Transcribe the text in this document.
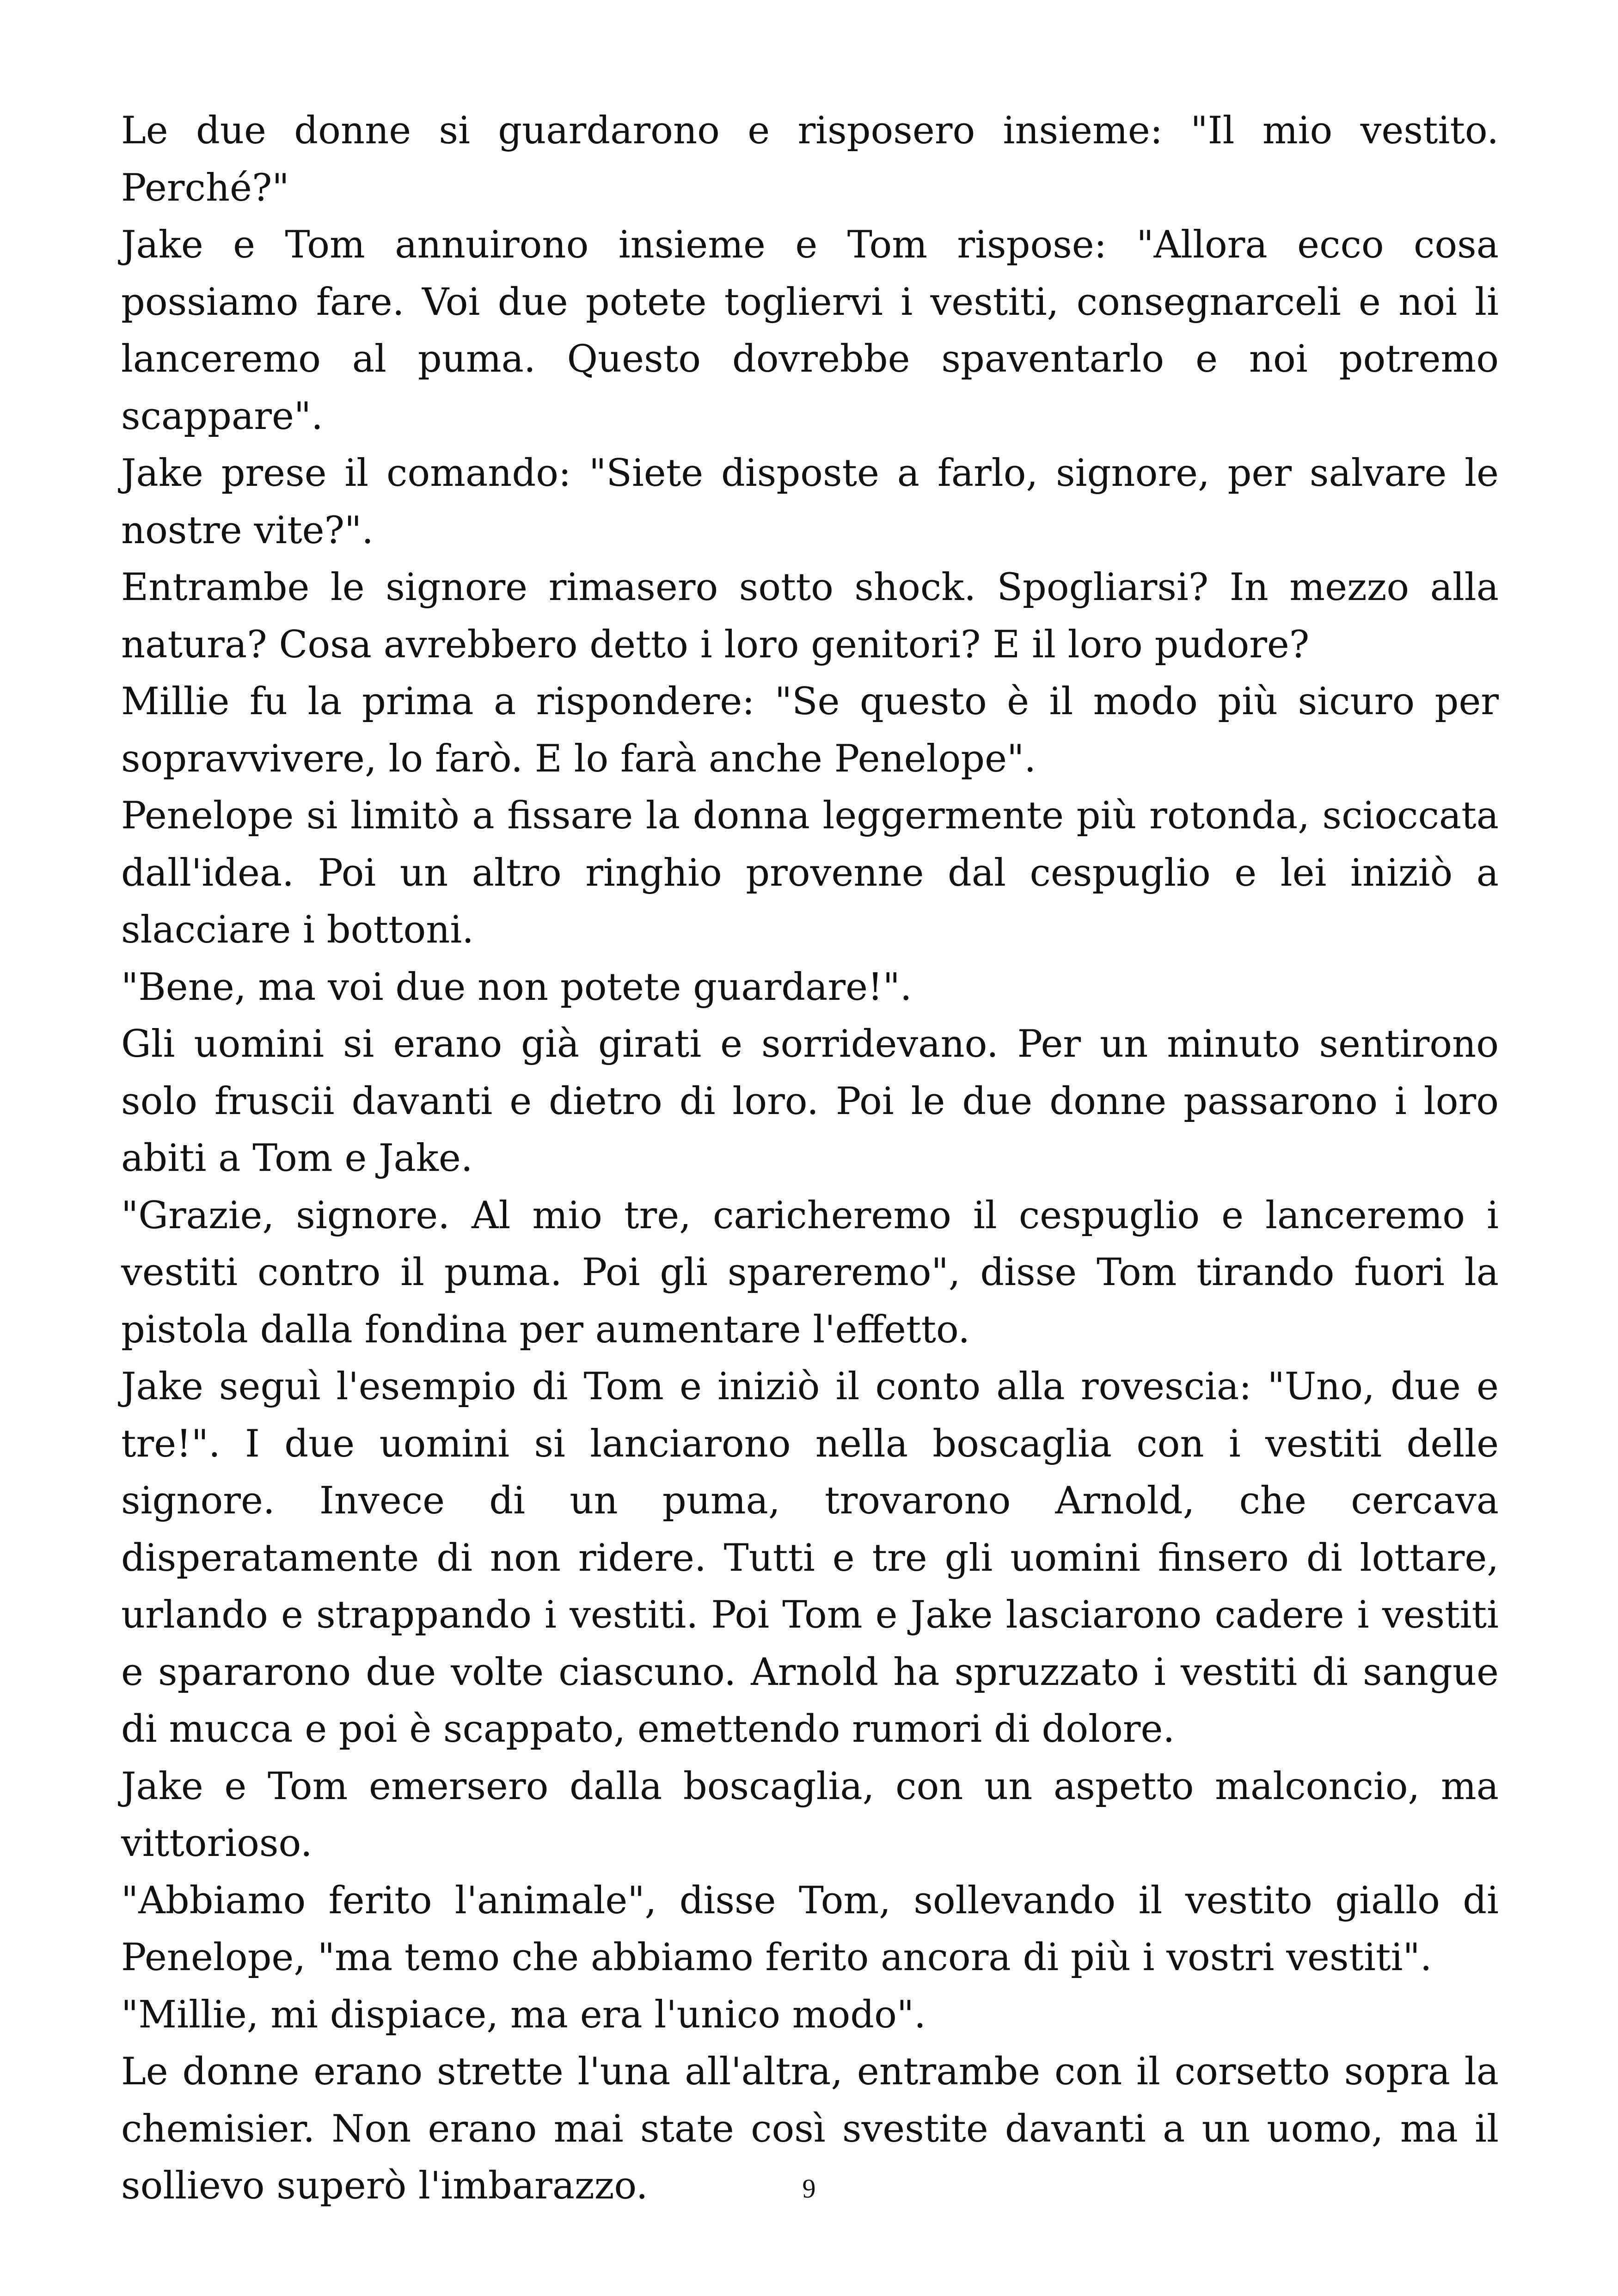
Le due donne si guardarono e risposero insieme: "Il mio vestito. Perché?"

Jake e Tom annuirono insieme e Tom rispose: "Allora ecco cosa possiamo fare. Voi due potete togliervi i vestiti, consegnarceli e noi li lanceremo al puma. Questo dovrebbe spaventarlo e noi potremo scappare".

Jake prese il comando: "Siete disposte a farlo, signore, per salvare le nostre vite?".

Entrambe le signore rimasero sotto shock. Spogliarsi? In mezzo alla natura? Cosa avrebbero detto i loro genitori? E il loro pudore?

Millie fu la prima a rispondere: "Se questo è il modo più sicuro per sopravvivere, lo farò. E lo farà anche Penelope".

Penelope si limitò a fissare la donna leggermente più rotonda, scioccata dall'idea. Poi un altro ringhio provenne dal cespuglio e lei iniziò a slacciare i bottoni.

"Bene, ma voi due non potete guardare!".

Gli uomini si erano già girati e sorridevano. Per un minuto sentirono solo fruscii davanti e dietro di loro. Poi le due donne passarono i loro abiti a Tom e Jake.

"Grazie, signore. Al mio tre, caricheremo il cespuglio e lanceremo i vestiti contro il puma. Poi gli spareremo", disse Tom tirando fuori la pistola dalla fondina per aumentare l'effetto.

Jake seguì l'esempio di Tom e iniziò il conto alla rovescia: "Uno, due e tre!". I due uomini si lanciarono nella boscaglia con i vestiti delle signore. Invece di un puma, trovarono Arnold, che cercava disperatamente di non ridere. Tutti e tre gli uomini finsero di lottare, urlando e strappando i vestiti. Poi Tom e Jake lasciarono cadere i vestiti e spararono due volte ciascuno. Arnold ha spruzzato i vestiti di sangue di mucca e poi è scappato, emettendo rumori di dolore.

Jake e Tom emersero dalla boscaglia, con un aspetto malconcio, ma vittorioso.

"Abbiamo ferito l'animale", disse Tom, sollevando il vestito giallo di Penelope, "ma temo che abbiamo ferito ancora di più i vostri vestiti".

"Millie, mi dispiace, ma era l'unico modo".

Le donne erano strette l'una all'altra, entrambe con il corsetto sopra la chemisier. Non erano mai state così svestite davanti a un uomo, ma il sollievo superò l'imbarazzo.	9
